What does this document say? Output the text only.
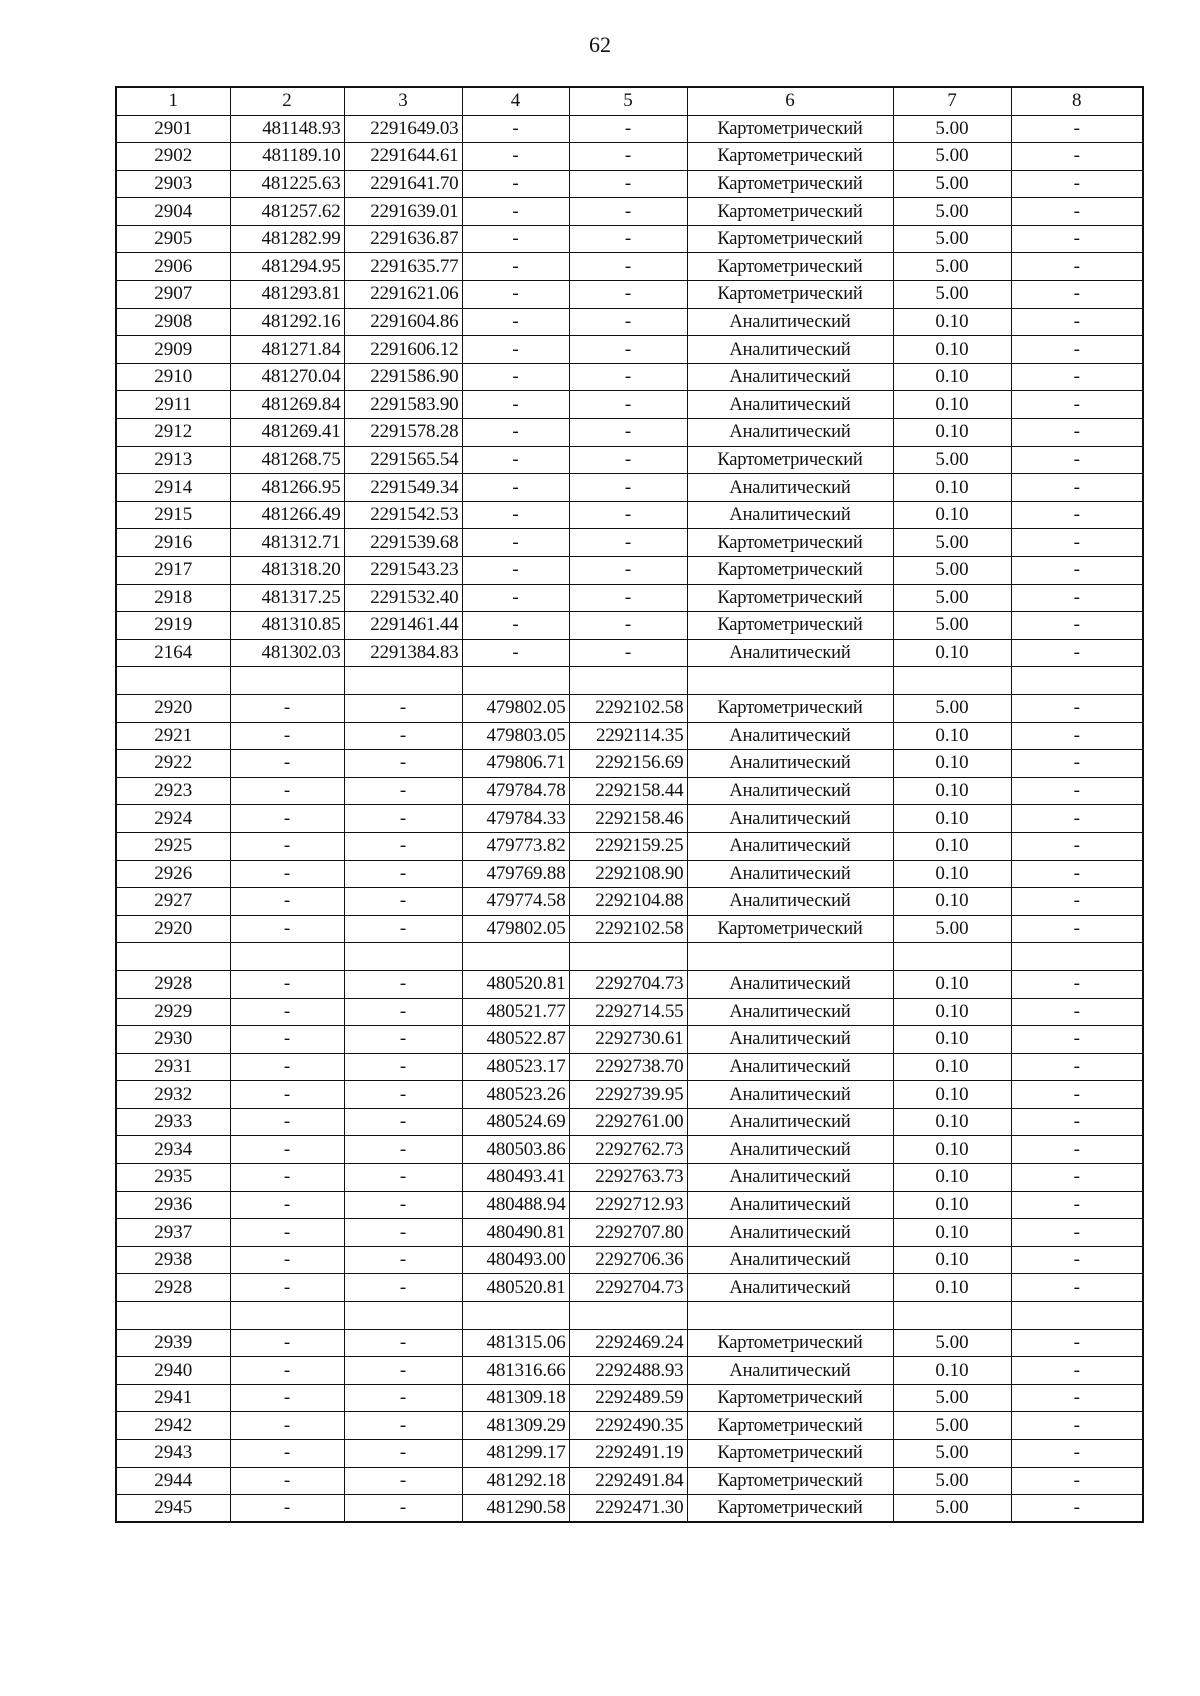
62
1	2	3	4	5	6	7	8
2901	481148.93	2291649.03	-	-	Картометрический	5.00	-
2902	481189.10	2291644.61	-	-	Картометрический	5.00	-
2903	481225.63	2291641.70	-	-	Картометрический	5.00	-
2904	481257.62	2291639.01	-	-	Картометрический	5.00	-
2905	481282.99	2291636.87	-	-	Картометрический	5.00	-
2906	481294.95	2291635.77	-	-	Картометрический	5.00	-
2907	481293.81	2291621.06	-	-	Картометрический	5.00	-
2908	481292.16	2291604.86	-	-	Аналитический	0.10	-
2909	481271.84	2291606.12	-	-	Аналитический	0.10	-
2910	481270.04	2291586.90	-	-	Аналитический	0.10	-
2911	481269.84	2291583.90	-	-	Аналитический	0.10	-
2912	481269.41	2291578.28	-	-	Аналитический	0.10	-
2913	481268.75	2291565.54	-	-	Картометрический	5.00	-
2914	481266.95	2291549.34	-	-	Аналитический	0.10	-
2915	481266.49	2291542.53	-	-	Аналитический	0.10	-
2916	481312.71	2291539.68	-	-	Картометрический	5.00	-
2917	481318.20	2291543.23	-	-	Картометрический	5.00	-
2918	481317.25	2291532.40	-	-	Картометрический	5.00	-
2919	481310.85	2291461.44	-	-	Картометрический	5.00	-
2164	481302.03	2291384.83	-	-	Аналитический	0.10	-

2920	-	-	479802.05	2292102.58	Картометрический	5.00	-
2921	-	-	479803.05	2292114.35	Аналитический	0.10	-
2922	-	-	479806.71	2292156.69	Аналитический	0.10	-
2923	-	-	479784.78	2292158.44	Аналитический	0.10	-
2924	-	-	479784.33	2292158.46	Аналитический	0.10	-
2925	-	-	479773.82	2292159.25	Аналитический	0.10	-
2926	-	-	479769.88	2292108.90	Аналитический	0.10	-
2927	-	-	479774.58	2292104.88	Аналитический	0.10	-
2920	-	-	479802.05	2292102.58	Картометрический	5.00	-

2928	-	-	480520.81	2292704.73	Аналитический	0.10	-
2929	-	-	480521.77	2292714.55	Аналитический	0.10	-
2930	-	-	480522.87	2292730.61	Аналитический	0.10	-
2931	-	-	480523.17	2292738.70	Аналитический	0.10	-
2932	-	-	480523.26	2292739.95	Аналитический	0.10	-
2933	-	-	480524.69	2292761.00	Аналитический	0.10	-
2934	-	-	480503.86	2292762.73	Аналитический	0.10	-
2935	-	-	480493.41	2292763.73	Аналитический	0.10	-
2936	-	-	480488.94	2292712.93	Аналитический	0.10	-
2937	-	-	480490.81	2292707.80	Аналитический	0.10	-
2938	-	-	480493.00	2292706.36	Аналитический	0.10	-
2928	-	-	480520.81	2292704.73	Аналитический	0.10	-

2939	-	-	481315.06	2292469.24	Картометрический	5.00	-
2940	-	-	481316.66	2292488.93	Аналитический	0.10	-
2941	-	-	481309.18	2292489.59	Картометрический	5.00	-
2942	-	-	481309.29	2292490.35	Картометрический	5.00	-
2943	-	-	481299.17	2292491.19	Картометрический	5.00	-
2944	-	-	481292.18	2292491.84	Картометрический	5.00	-
2945	-	-	481290.58	2292471.30	Картометрический	5.00	-
